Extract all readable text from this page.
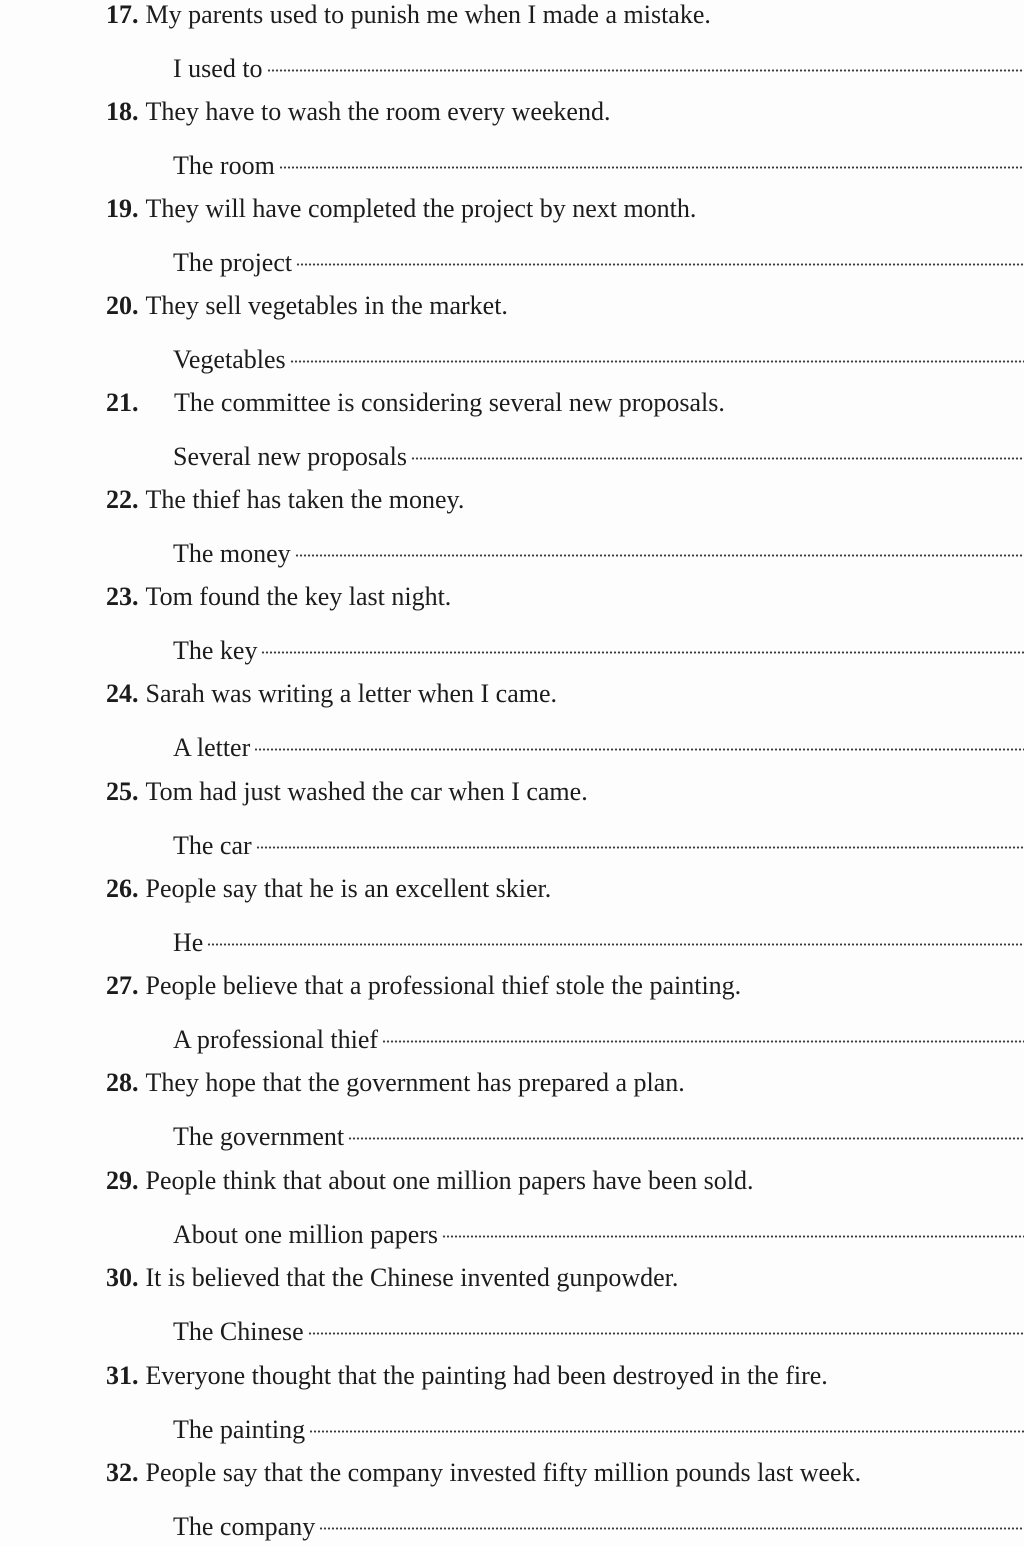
17. My parents used to punish me when I made a mistake.
I used to
18. They have to wash the room every weekend.
The room
19. They will have completed the project by next month.
The project
20. They sell vegetables in the market.
Vegetables
21. The committee is considering several new proposals.
Several new proposals
22. The thief has taken the money.
The money
23. Tom found the key last night.
The key
24. Sarah was writing a letter when I came.
A letter
25. Tom had just washed the car when I came.
The car
26. People say that he is an excellent skier.
He
27. People believe that a professional thief stole the painting.
A professional thief
28. They hope that the government has prepared a plan.
The government
29. People think that about one million papers have been sold.
About one million papers
30. It is believed that the Chinese invented gunpowder.
The Chinese
31. Everyone thought that the painting had been destroyed in the fire.
The painting
32. People say that the company invested fifty million pounds last week.
The company
